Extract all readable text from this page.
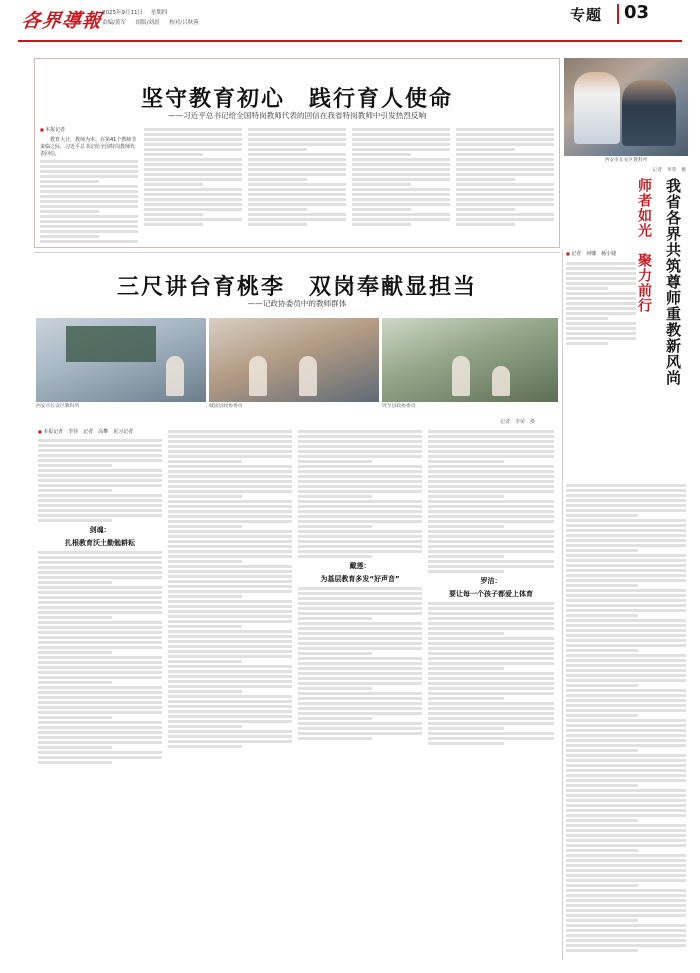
各界導報
2025年9月11日 星期四
责编/黄军 组版/刘晨 校对/吕秋蓉	专题 03
坚守教育初心　践行育人使命
——习近平总书记给全国特岗教师代表的回信在我省特岗教师中引发热烈反响
■ 本报记者
教育大计，教师为本。在第41个教师节来临之际，习近平总书记给全国特岗教师代表回信，
西安市长安区教科所
记者　李荣　摄
师者如光　聚力前行 我省各界共筑尊师重教新风尚
■ 记者　何娜　杨小婕
三尺讲台育桃李　双岗奉献显担当
——记政协委员中的教师群体
西安市长安区教科所	城固县政协委员	周至县政协委员
记者　李荣　摄
■ 本报记者　李佳　记者　高攀　见习记者
剑魂：
扎根教育沃土勤勉耕耘
戴莲：
为基层教育多发“好声音”	罗洁：
要让每一个孩子都爱上体育
